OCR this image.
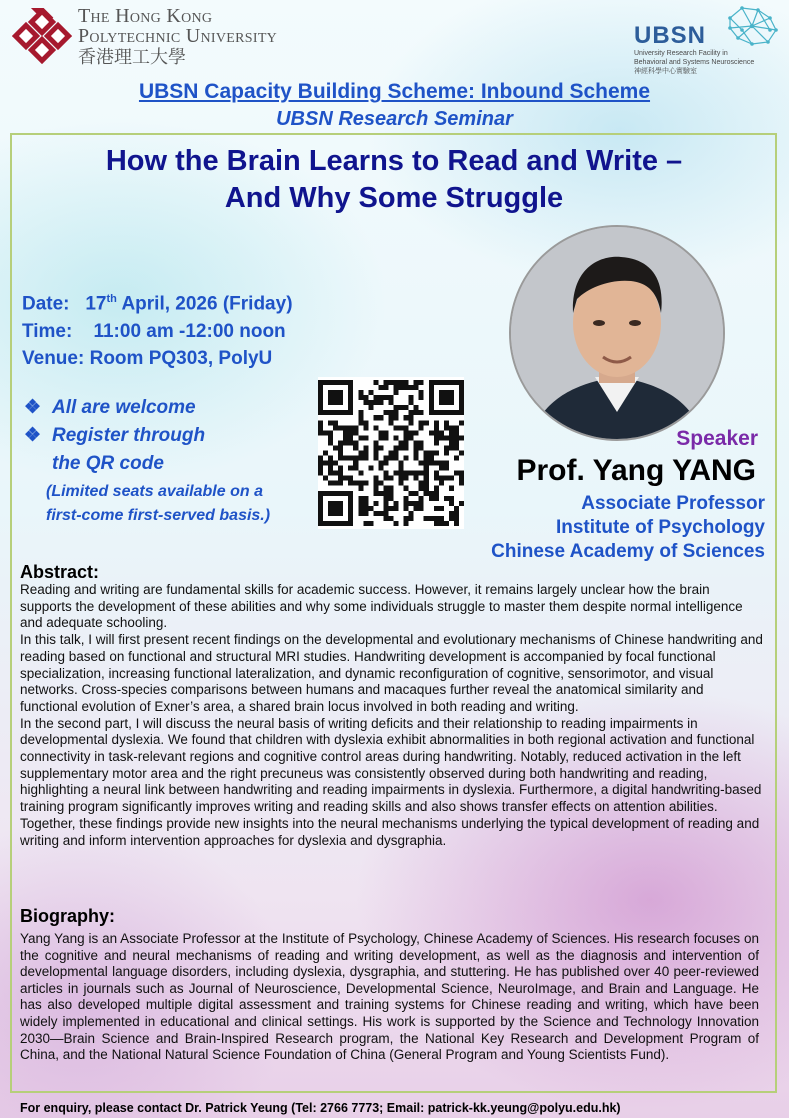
The Hong Kong
Polytechnic University
香港理工大學
UBSN
University Research Facility in
Behavioral and Systems Neuroscience
神經科學中心實驗室
UBSN Capacity Building Scheme: Inbound Scheme
UBSN Research Seminar
How the Brain Learns to Read and Write –
And Why Some Struggle
Date: 17th April, 2026 (Friday)
Time: 11:00 am -12:00 noon
Venue: Room PQ303, PolyU
❖ All are welcome
❖ Register through
the QR code
(Limited seats available on a
first-come first-served basis.)
Speaker
Prof. Yang YANG
Associate Professor
Institute of Psychology
Chinese Academy of Sciences
Abstract:

Reading and writing are fundamental skills for academic success. However, it remains largely unclear how the brain supports the development of these abilities and why some individuals struggle to master them despite normal intelligence and adequate schooling.

In this talk, I will first present recent findings on the developmental and evolutionary mechanisms of Chinese handwriting and reading based on functional and structural MRI studies. Handwriting development is accompanied by focal functional specialization, increasing functional lateralization, and dynamic reconfiguration of cognitive, sensorimotor, and visual networks. Cross-species comparisons between humans and macaques further reveal the anatomical similarity and functional evolution of Exner’s area, a shared brain locus involved in both reading and writing.

In the second part, I will discuss the neural basis of writing deficits and their relationship to reading impairments in developmental dyslexia. We found that children with dyslexia exhibit abnormalities in both regional activation and functional connectivity in task-relevant regions and cognitive control areas during handwriting. Notably, reduced activation in the left supplementary motor area and the right precuneus was consistently observed during both handwriting and reading, highlighting a neural link between handwriting and reading impairments in dyslexia. Furthermore, a digital handwriting-based training program significantly improves writing and reading skills and also shows transfer effects on attention abilities.

Together, these findings provide new insights into the neural mechanisms underlying the typical development of reading and writing and inform intervention approaches for dyslexia and dysgraphia.

Biography:
Yang Yang is an Associate Professor at the Institute of Psychology, Chinese Academy of Sciences. His research focuses on the cognitive and neural mechanisms of reading and writing development, as well as the diagnosis and intervention of developmental language disorders, including dyslexia, dysgraphia, and stuttering. He has published over 40 peer-reviewed articles in journals such as Journal of Neuroscience, Developmental Science, NeuroImage, and Brain and Language. He has also developed multiple digital assessment and training systems for Chinese reading and writing, which have been widely implemented in educational and clinical settings. His work is supported by the Science and Technology Innovation 2030—Brain Science and Brain-Inspired Research program, the National Key Research and Development Program of China, and the National Natural Science Foundation of China (General Program and Young Scientists Fund).
For enquiry, please contact Dr. Patrick Yeung (Tel: 2766 7773; Email: patrick-kk.yeung@polyu.edu.hk)
